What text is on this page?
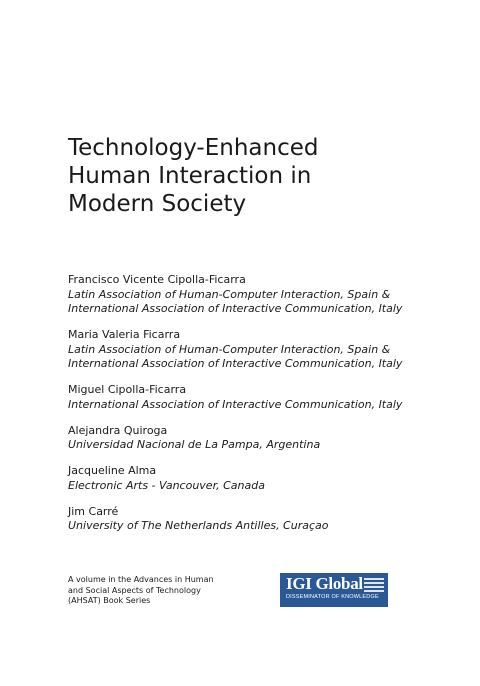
Technology-Enhanced
Human Interaction in
Modern Society
Francisco Vicente Cipolla-Ficarra
Latin Association of Human-Computer Interaction, Spain &
International Association of Interactive Communication, Italy
Maria Valeria Ficarra
Latin Association of Human-Computer Interaction, Spain &
International Association of Interactive Communication, Italy
Miguel Cipolla-Ficarra
International Association of Interactive Communication, Italy
Alejandra Quiroga
Universidad Nacional de La Pampa, Argentina
Jacqueline Alma
Electronic Arts - Vancouver, Canada
Jim Carré
University of The Netherlands Antilles, Curaçao
A volume in the Advances in Human
and Social Aspects of Technology
(AHSAT) Book Series
IGI Global
DISSEMINATOR OF KNOWLEDGE
